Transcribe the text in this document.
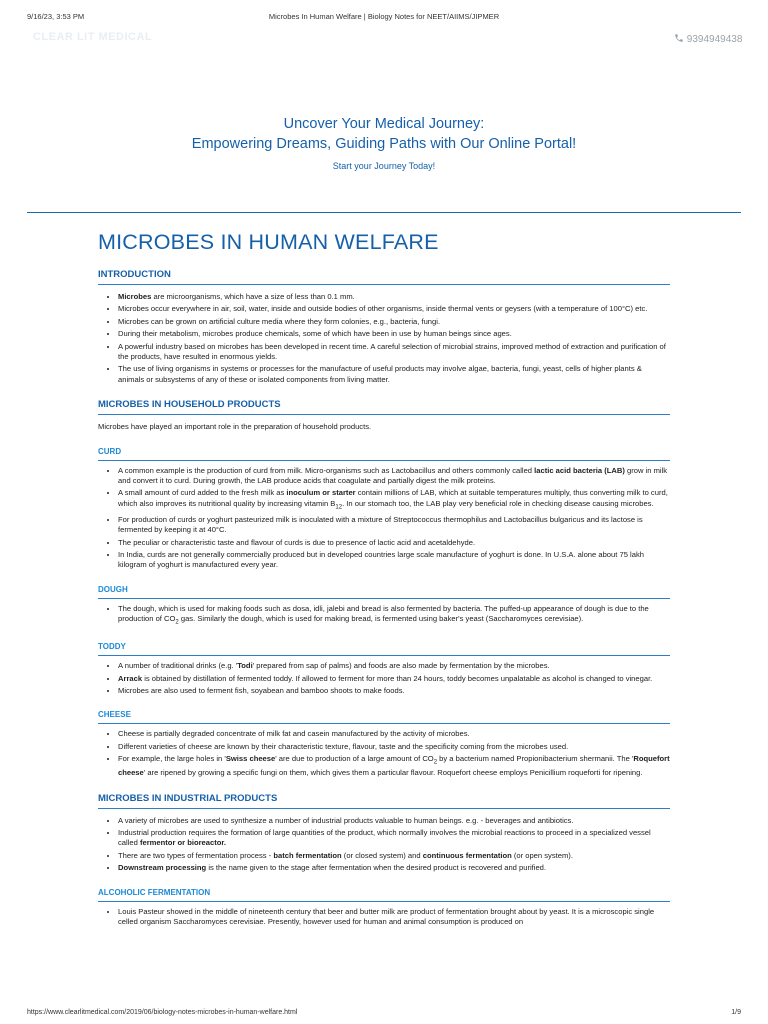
9/16/23, 3:53 PM	Microbes In Human Welfare | Biology Notes for NEET/AIIMS/JIPMER
CLEAR LIT MEDICAL	9394949438
Uncover Your Medical Journey:
Empowering Dreams, Guiding Paths with Our Online Portal!
Start your Journey Today!
MICROBES IN HUMAN WELFARE
INTRODUCTION
• Microbes are microorganisms, which have a size of less than 0.1 mm.
• Microbes occur everywhere in air, soil, water, inside and outside bodies of other organisms, inside thermal vents or geysers (with a temperature of 100°C) etc.
• Microbes can be grown on artificial culture media where they form colonies, e.g., bacteria, fungi.
• During their metabolism, microbes produce chemicals, some of which have been in use by human beings since ages.
• A powerful industry based on microbes has been developed in recent time. A careful selection of microbial strains, improved method of extraction and purification of the products, have resulted in enormous yields.
• The use of living organisms in systems or processes for the manufacture of useful products may involve algae, bacteria, fungi, yeast, cells of higher plants & animals or subsystems of any of these or isolated components from living matter.
MICROBES IN HOUSEHOLD PRODUCTS

Microbes have played an important role in the preparation of household products.

CURD
• A common example is the production of curd from milk. Micro-organisms such as Lactobacillus and others commonly called lactic acid bacteria (LAB) grow in milk and convert it to curd. During growth, the LAB produce acids that coagulate and partially digest the milk proteins.
• A small amount of curd added to the fresh milk as inoculum or starter contain millions of LAB, which at suitable temperatures multiply, thus converting milk to curd, which also improves its nutritional quality by increasing vitamin $B_{12}$. In our stomach too, the LAB play very beneficial role in checking disease causing microbes.
• For production of curds or yoghurt pasteurized milk is inoculated with a mixture of Streptococcus thermophilus and Lactobacillus bulgaricus and its lactose is fermented by keeping it at 40°C.
• The peculiar or characteristic taste and flavour of curds is due to presence of lactic acid and acetaldehyde.
• In India, curds are not generally commercially produced but in developed countries large scale manufacture of yoghurt is done. In U.S.A. alone about 75 lakh kilogram of yoghurt is manufactured every year.
DOUGH
• The dough, which is used for making foods such as dosa, idli, jalebi and bread is also fermented by bacteria. The puffed-up appearance of dough is due to the production of $CO_2$ gas. Similarly the dough, which is used for making bread, is fermented using baker's yeast (Saccharomyces cerevisiae).
TODDY
• A number of traditional drinks (e.g. 'Todi' prepared from sap of palms) and foods are also made by fermentation by the microbes.
• Arrack is obtained by distillation of fermented toddy. If allowed to ferment for more than 24 hours, toddy becomes unpalatable as alcohol is changed to vinegar.
• Microbes are also used to ferment fish, soyabean and bamboo shoots to make foods.
CHEESE
• Cheese is partially degraded concentrate of milk fat and casein manufactured by the activity of microbes.
• Different varieties of cheese are known by their characteristic texture, flavour, taste and the specificity coming from the microbes used.
• For example, the large holes in 'Swiss cheese' are due to production of a large amount of $CO_2$ by a bacterium named Propionibacterium shermanii. The 'Roquefort cheese' are ripened by growing a specific fungi on them, which gives them a particular flavour. Roquefort cheese employs Penicillium roqueforti for ripening.
MICROBES IN INDUSTRIAL PRODUCTS
• A variety of microbes are used to synthesize a number of industrial products valuable to human beings. e.g. - beverages and antibiotics.
• Industrial production requires the formation of large quantities of the product, which normally involves the microbial reactions to proceed in a specialized vessel called fermentor or bioreactor.
• There are two types of fermentation process - batch fermentation (or closed system) and continuous fermentation (or open system).
• Downstream processing is the name given to the stage after fermentation when the desired product is recovered and purified.
ALCOHOLIC FERMENTATION
• Louis Pasteur showed in the middle of nineteenth century that beer and butter milk are product of fermentation brought about by yeast. It is a microscopic single celled organism Saccharomyces cerevisiae. Presently, however used for human and animal consumption is produced on
https://www.clearlitmedical.com/2019/06/biology-notes-microbes-in-human-welfare.html	1/9
